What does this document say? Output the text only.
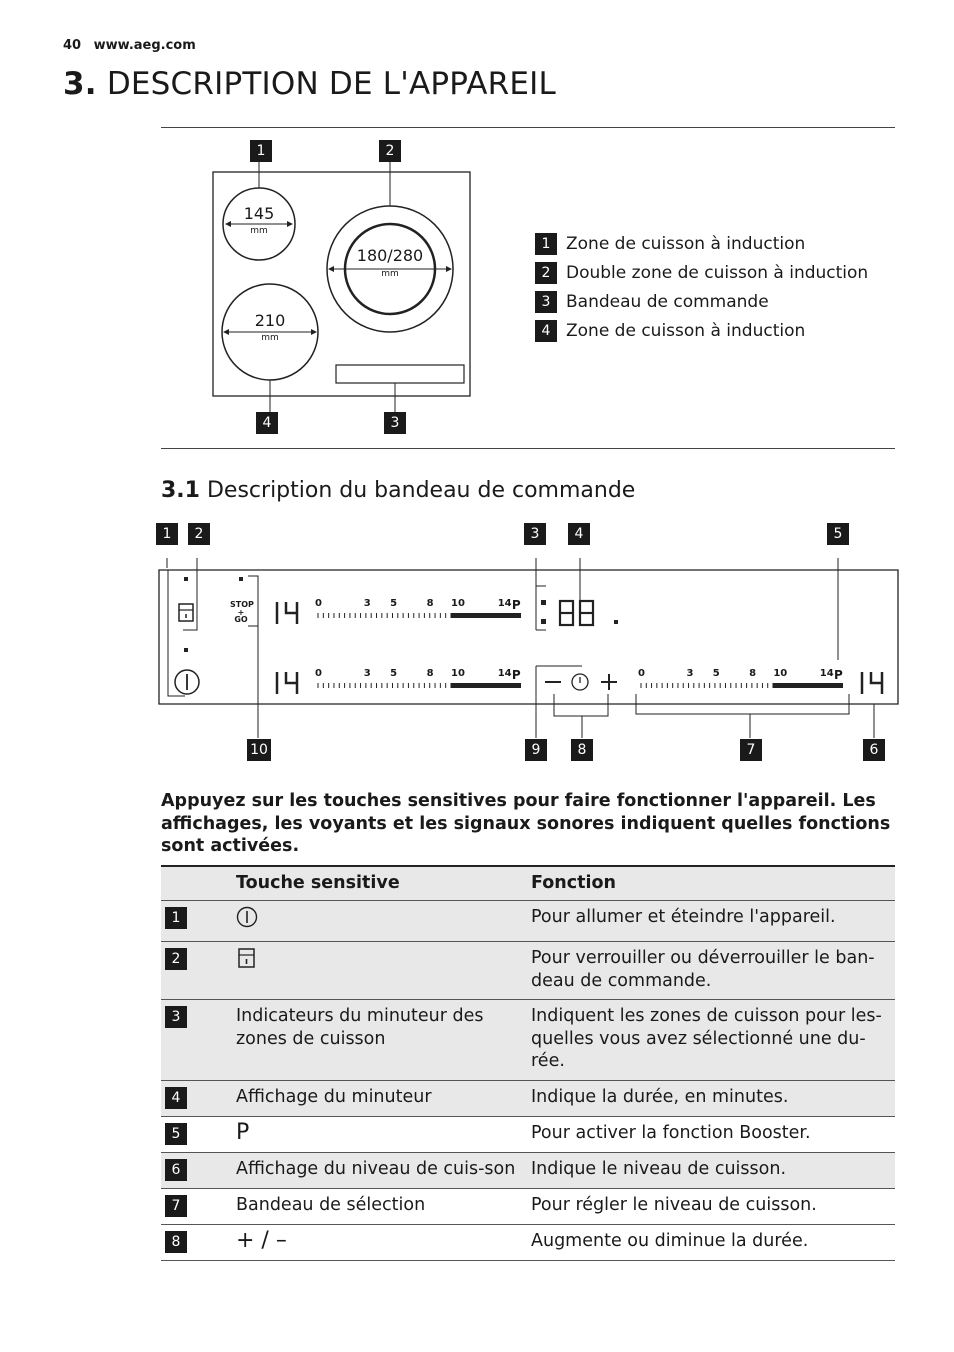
40 www.aeg.com
3. DESCRIPTION DE L'APPAREIL
145
mm
180/280
mm
210
mm
1	2
3
4
1 Zone de cuisson à induction
2 Double zone de cuisson à induction
3 Bandeau de commande
4 Zone de cuisson à induction
3.1 Description du bandeau de commande
STOP
+
GO
0	3 5	8 10	14 P
0	3 5	8 10	14 P	0	3 5	8 10	14 P
1	2	3	4	5
10	9	8	7	6
Appuyez sur les touches sensitives pour faire fonctionner l'appareil. Les affichages, les voyants et les signaux sonores indiquent quelles fonctions sont activées.
	Touche sensitive	Fonction
1		Pour allumer et éteindre l'appareil.
2		Pour verrouiller ou déverrouiller le ban-deau de commande.
3	Indicateurs du minuteur des zones de cuisson	Indiquent les zones de cuisson pour les-quelles vous avez sélectionné une du-rée.
4	Affichage du minuteur	Indique la durée, en minutes.
5	P	Pour activer la fonction Booster.
6	Affichage du niveau de cuis-son	Indique le niveau de cuisson.
7	Bandeau de sélection	Pour régler le niveau de cuisson.
8	+ / –	Augmente ou diminue la durée.
